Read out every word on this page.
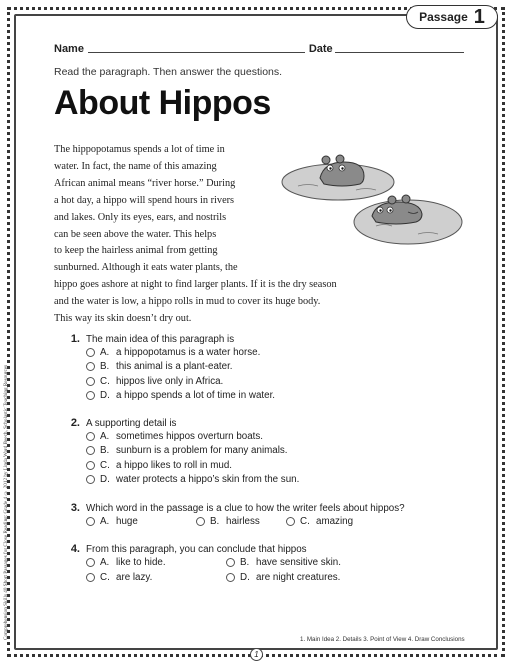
Passage 1
Name	Date
Read the paragraph. Then answer the questions.
About Hippos
The hippopotamus spends a lot of time in
water. In fact, the name of this amazing
African animal means “river horse.” During
a hot day, a hippo will spend hours in rivers
and lakes. Only its eyes, ears, and nostrils
can be seen above the water. This helps
to keep the hairless animal from getting
sunburned. Although it eats water plants, the
hippo goes ashore at night to find larger plants. If it is the dry season
and the water is low, a hippo rolls in mud to cover its huge body.
This way its skin doesn’t dry out.
1. The main idea of this paragraph is
A. a hippopotamus is a water horse.
B. this animal is a plant-eater.
C. hippos live only in Africa.
D. a hippo spends a lot of time in water.
2. A supporting detail is
A. sometimes hippos overturn boats.
B. sunburn is a problem for many animals.
C. a hippo likes to roll in mud.
D. water protects a hippo’s skin from the sun.
3. Which word in the passage is a clue to how the writer feels about hippos?
A. huge	B. hairless	C. amazing
4. From this paragraph, you can conclude that hippos
A. like to hide.	B. have sensitive skin.
C. are lazy.	D. are night creatures.
Comprehension Skills 40 Short Passages for Close Reading: Grade 4 © 2012 by Linda Ward Beech, Scholastic Teaching Resources	1. Main Idea 2. Details 3. Point of View 4. Draw Conclusions
1
